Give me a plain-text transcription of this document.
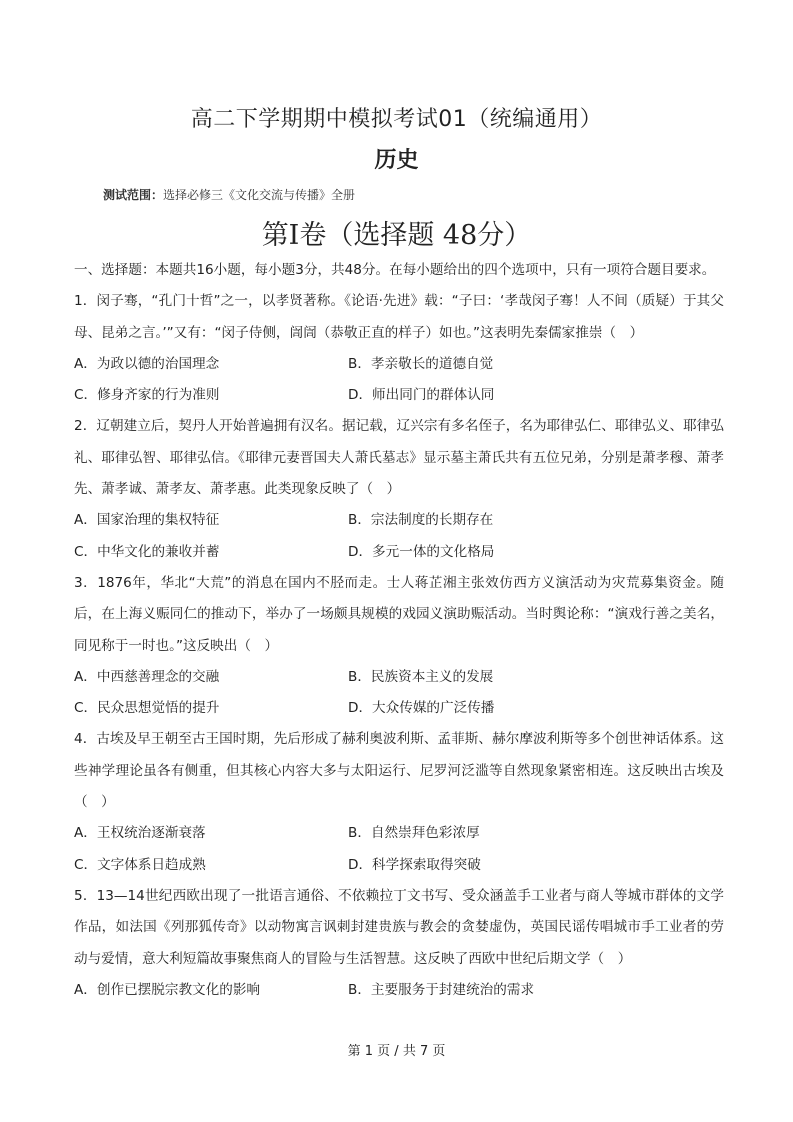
高二下学期期中模拟考试01（统编通用）
历史
测试范围：选择必修三《文化交流与传播》全册
第Ⅰ卷（选择题 48分）

一、选择题：本题共16小题，每小题3分，共48分。在每小题给出的四个选项中，只有一项符合题目要求。

1．闵子骞，“孔门十哲”之一，以孝贤著称。《论语·先进》载：“子曰：‘孝哉闵子骞！人不间（质疑）于其父母、昆弟之言。’”又有：“闵子侍侧，訚訚（恭敬正直的样子）如也。”这表明先秦儒家推崇（　）

A．为政以德的治国理念	B．孝亲敬长的道德自觉

C．修身齐家的行为准则	D．师出同门的群体认同

2．辽朝建立后，契丹人开始普遍拥有汉名。据记载，辽兴宗有多名侄子，名为耶律弘仁、耶律弘义、耶律弘礼、耶律弘智、耶律弘信。《耶律元妻晋国夫人萧氏墓志》显示墓主萧氏共有五位兄弟，分别是萧孝穆、萧孝先、萧孝诚、萧孝友、萧孝惠。此类现象反映了（　）

A．国家治理的集权特征	B．宗法制度的长期存在

C．中华文化的兼收并蓄	D．多元一体的文化格局

3．1876年，华北“大荒”的消息在国内不胫而走。士人蒋芷湘主张效仿西方义演活动为灾荒募集资金。随后，在上海义赈同仁的推动下，举办了一场颇具规模的戏园义演助赈活动。当时舆论称：“演戏行善之美名，同见称于一时也。”这反映出（　）

A．中西慈善理念的交融	B．民族资本主义的发展

C．民众思想觉悟的提升	D．大众传媒的广泛传播

4．古埃及早王朝至古王国时期，先后形成了赫利奥波利斯、孟菲斯、赫尔摩波利斯等多个创世神话体系。这些神学理论虽各有侧重，但其核心内容大多与太阳运行、尼罗河泛滥等自然现象紧密相连。这反映出古埃及（　）

A．王权统治逐渐衰落	B．自然崇拜色彩浓厚

C．文字体系日趋成熟	D．科学探索取得突破

5．13—14世纪西欧出现了一批语言通俗、不依赖拉丁文书写、受众涵盖手工业者与商人等城市群体的文学作品，如法国《列那狐传奇》以动物寓言讽刺封建贵族与教会的贪婪虚伪，英国民谣传唱城市手工业者的劳动与爱情，意大利短篇故事聚焦商人的冒险与生活智慧。这反映了西欧中世纪后期文学（　）

A．创作已摆脱宗教文化的影响	B．主要服务于封建统治的需求

第 1 页 / 共 7 页
